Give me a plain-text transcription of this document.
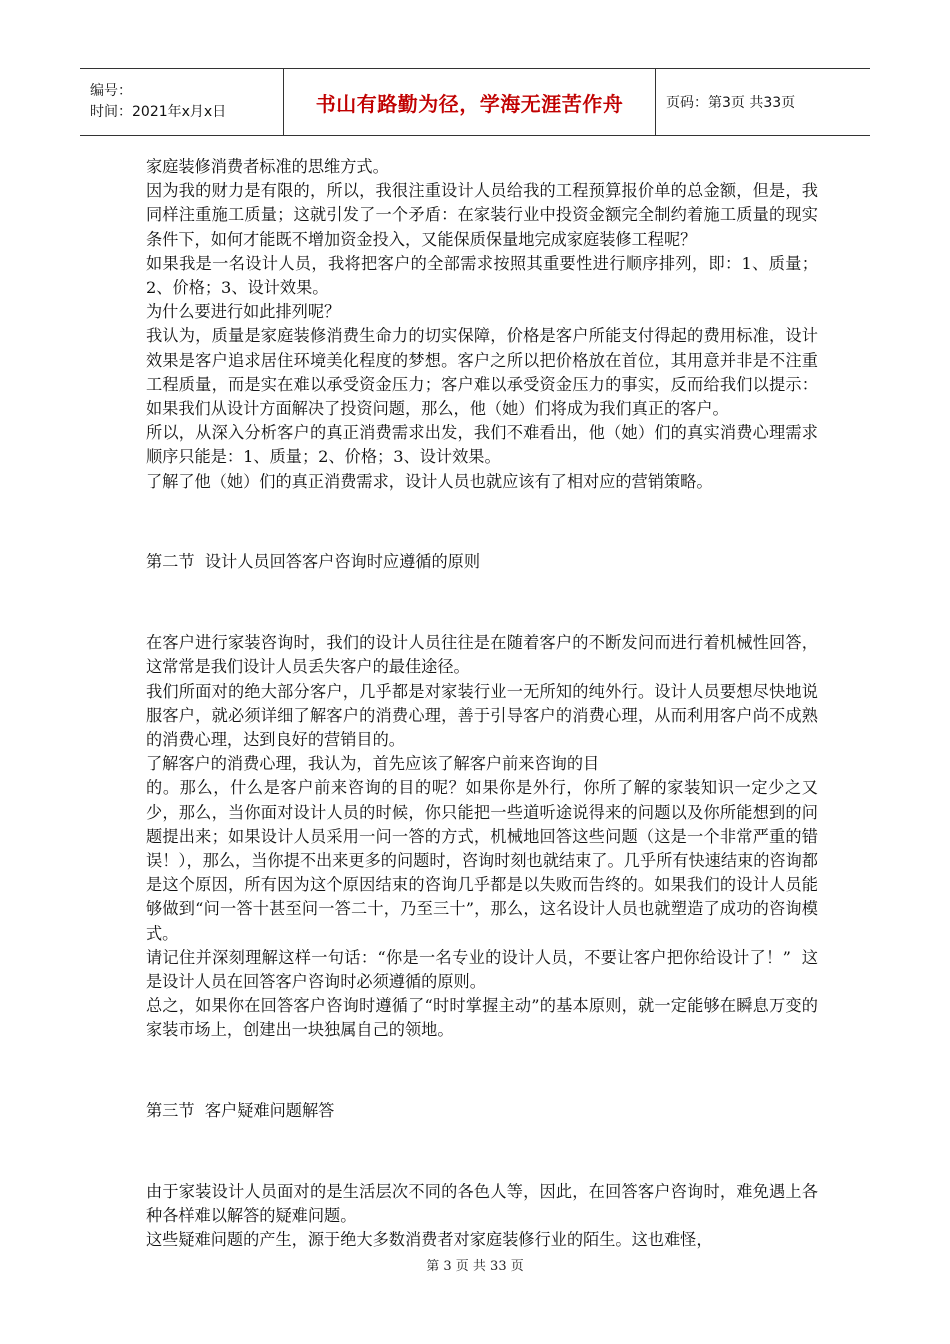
编号：
时间：2021年x月x日	书山有路勤为径，学海无涯苦作舟	页码：第3页 共33页

家庭装修消费者标准的思维方式。

因为我的财力是有限的，所以，我很注重设计人员给我的工程预算报价单的总金额，但是，我同样注重施工质量；这就引发了一个矛盾：在家装行业中投资金额完全制约着施工质量的现实条件下，如何才能既不增加资金投入，又能保质保量地完成家庭装修工程呢？

如果我是一名设计人员，我将把客户的全部需求按照其重要性进行顺序排列，即：1、质量；2、价格；3、设计效果。

为什么要进行如此排列呢？

我认为，质量是家庭装修消费生命力的切实保障，价格是客户所能支付得起的费用标准，设计效果是客户追求居住环境美化程度的梦想。客户之所以把价格放在首位，其用意并非是不注重工程质量，而是实在难以承受资金压力；客户难以承受资金压力的事实，反而给我们以提示：如果我们从设计方面解决了投资问题，那么，他（她）们将成为我们真正的客户。

所以，从深入分析客户的真正消费需求出发，我们不难看出，他（她）们的真实消费心理需求顺序只能是：1、质量；2、价格；3、设计效果。

了解了他（她）们的真正消费需求，设计人员也就应该有了相对应的营销策略。

第二节  设计人员回答客户咨询时应遵循的原则

在客户进行家装咨询时，我们的设计人员往往是在随着客户的不断发问而进行着机械性回答，这常常是我们设计人员丢失客户的最佳途径。

我们所面对的绝大部分客户，几乎都是对家装行业一无所知的纯外行。设计人员要想尽快地说服客户，就必须详细了解客户的消费心理，善于引导客户的消费心理，从而利用客户尚不成熟的消费心理，达到良好的营销目的。

了解客户的消费心理，我认为，首先应该了解客户前来咨询的目

的。那么，什么是客户前来咨询的目的呢？如果你是外行，你所了解的家装知识一定少之又少，那么，当你面对设计人员的时候，你只能把一些道听途说得来的问题以及你所能想到的问题提出来；如果设计人员采用一问一答的方式，机械地回答这些问题（这是一个非常严重的错误！），那么，当你提不出来更多的问题时，咨询时刻也就结束了。几乎所有快速结束的咨询都是这个原因，所有因为这个原因结束的咨询几乎都是以失败而告终的。如果我们的设计人员能够做到“问一答十甚至问一答二十，乃至三十”，那么，这名设计人员也就塑造了成功的咨询模式。

请记住并深刻理解这样一句话：“你是一名专业的设计人员，不要让客户把你给设计了！”  这是设计人员在回答客户咨询时必须遵循的原则。

总之，如果你在回答客户咨询时遵循了“时时掌握主动”的基本原则，就一定能够在瞬息万变的家装市场上，创建出一块独属自己的领地。

第三节  客户疑难问题解答

由于家装设计人员面对的是生活层次不同的各色人等，因此，在回答客户咨询时，难免遇上各种各样难以解答的疑难问题。

这些疑难问题的产生，源于绝大多数消费者对家庭装修行业的陌生。这也难怪，

第 3 页 共 33 页
